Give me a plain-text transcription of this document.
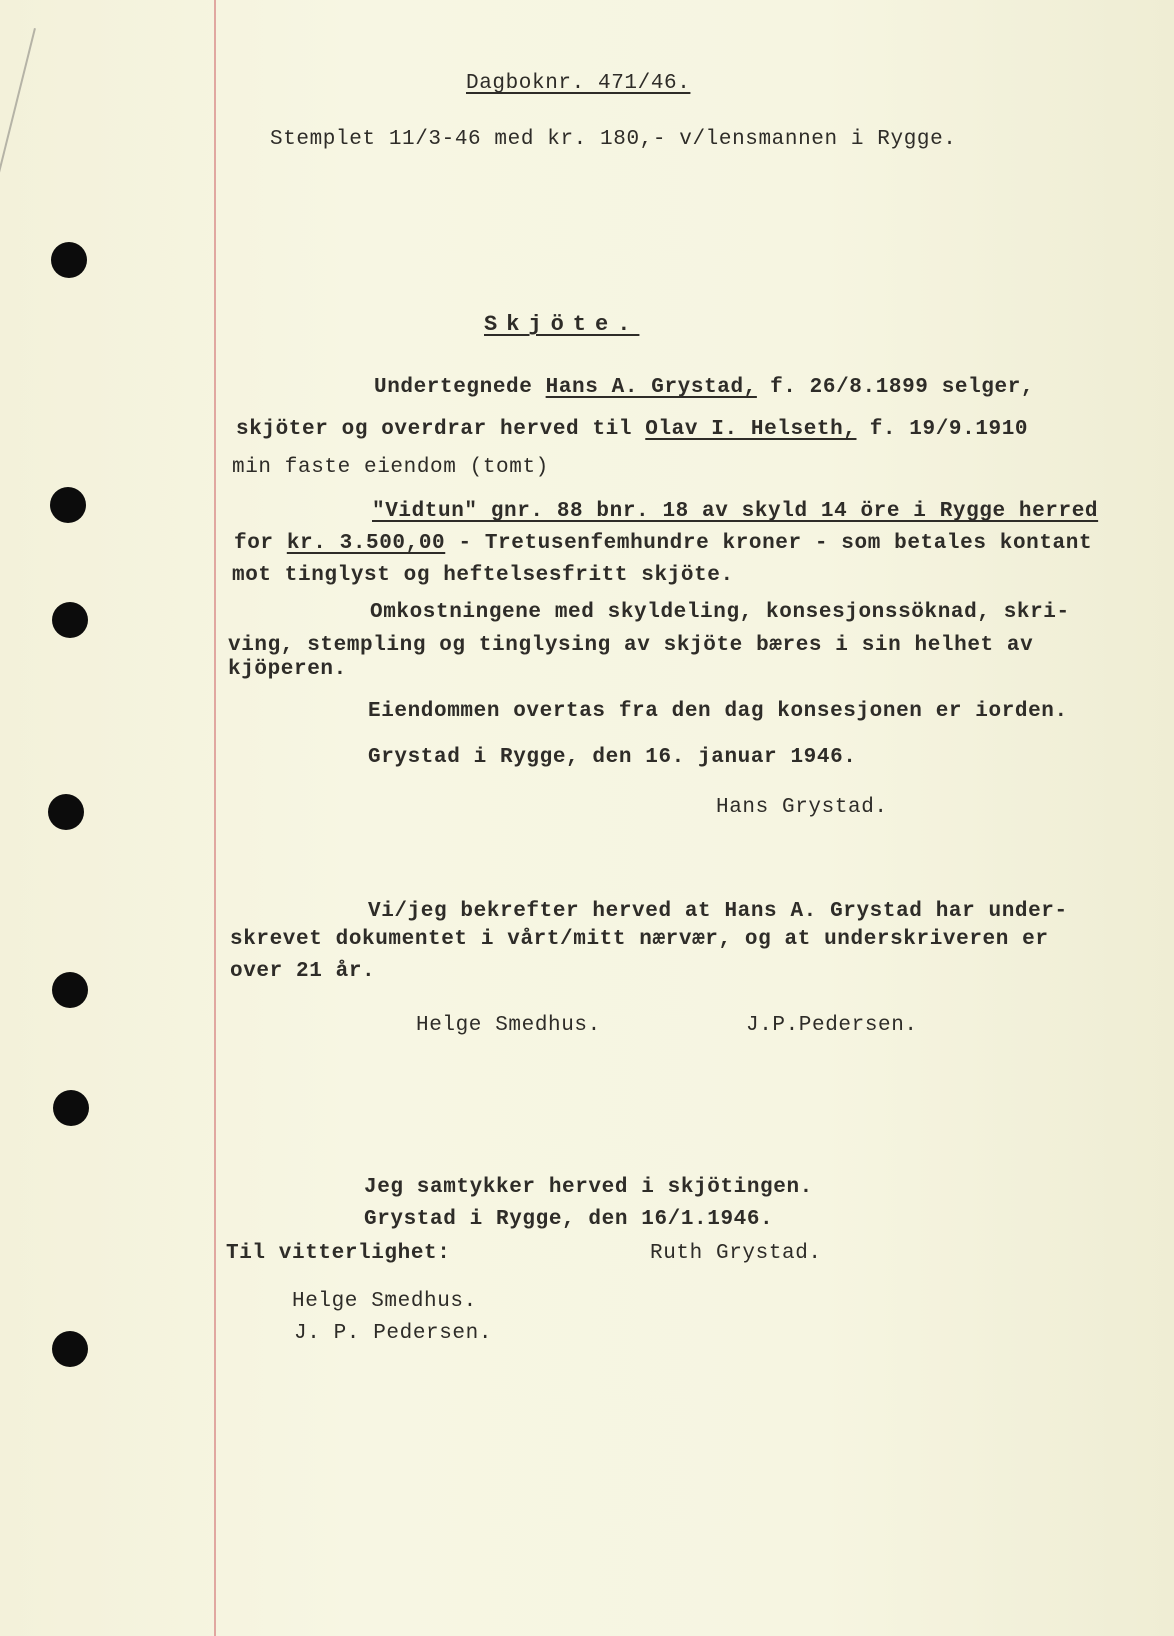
Dagboknr. 471/46.
Stemplet 11/3-46 med kr. 180,- v/lensmannen i Rygge.
Skjöte.
Undertegnede Hans A. Grystad, f. 26/8.1899 selger,
skjöter og overdrar herved til Olav I. Helseth, f. 19/9.1910
min faste eiendom (tomt)
"Vidtun" gnr. 88 bnr. 18 av skyld 14 öre i Rygge herred
for kr. 3.500,00 - Tretusenfemhundre kroner - som betales kontant
mot tinglyst og heftelsesfritt skjöte.
Omkostningene med skyldeling, konsesjonssöknad, skri-
ving, stempling og tinglysing av skjöte bæres i sin helhet av
kjöperen.
Eiendommen overtas fra den dag konsesjonen er iorden.
Grystad i Rygge, den 16. januar 1946.
Hans Grystad.
Vi/jeg bekrefter herved at Hans A. Grystad har under-
skrevet dokumentet i vårt/mitt nærvær, og at underskriveren er
over 21 år.
Helge Smedhus.	J.P.Pedersen.
Jeg samtykker herved i skjötingen.
Grystad i Rygge, den 16/1.1946.
Til vitterlighet:	Ruth Grystad.
Helge Smedhus.
J. P. Pedersen.
